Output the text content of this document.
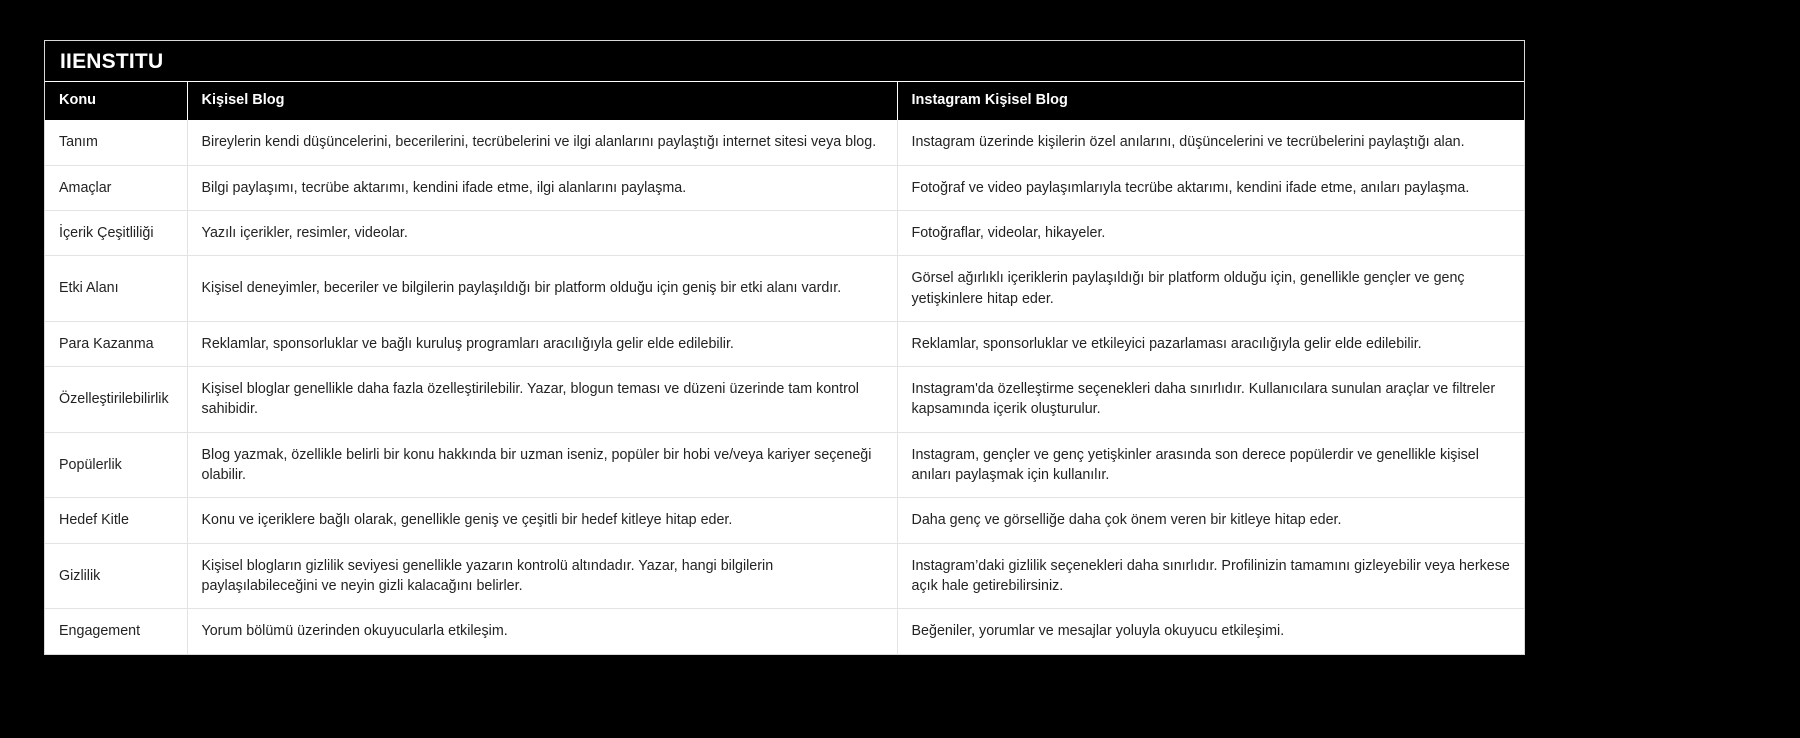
IIENSTITU
Konu	Kişisel Blog	Instagram Kişisel Blog
Tanım	Bireylerin kendi düşüncelerini, becerilerini, tecrübelerini ve ilgi alanlarını paylaştığı internet sitesi veya blog.	Instagram üzerinde kişilerin özel anılarını, düşüncelerini ve tecrübelerini paylaştığı alan.
Amaçlar	Bilgi paylaşımı, tecrübe aktarımı, kendini ifade etme, ilgi alanlarını paylaşma.	Fotoğraf ve video paylaşımlarıyla tecrübe aktarımı, kendini ifade etme, anıları paylaşma.
İçerik Çeşitliliği	Yazılı içerikler, resimler, videolar.	Fotoğraflar, videolar, hikayeler.
Etki Alanı	Kişisel deneyimler, beceriler ve bilgilerin paylaşıldığı bir platform olduğu için geniş bir etki alanı vardır.	Görsel ağırlıklı içeriklerin paylaşıldığı bir platform olduğu için, genellikle gençler ve genç yetişkinlere hitap eder.
Para Kazanma	Reklamlar, sponsorluklar ve bağlı kuruluş programları aracılığıyla gelir elde edilebilir.	Reklamlar, sponsorluklar ve etkileyici pazarlaması aracılığıyla gelir elde edilebilir.
Özelleştirilebilirlik	Kişisel bloglar genellikle daha fazla özelleştirilebilir. Yazar, blogun teması ve düzeni üzerinde tam kontrol sahibidir.	Instagram'da özelleştirme seçenekleri daha sınırlıdır. Kullanıcılara sunulan araçlar ve filtreler kapsamında içerik oluşturulur.
Popülerlik	Blog yazmak, özellikle belirli bir konu hakkında bir uzman iseniz, popüler bir hobi ve/veya kariyer seçeneği olabilir.	Instagram, gençler ve genç yetişkinler arasında son derece popülerdir ve genellikle kişisel anıları paylaşmak için kullanılır.
Hedef Kitle	Konu ve içeriklere bağlı olarak, genellikle geniş ve çeşitli bir hedef kitleye hitap eder.	Daha genç ve görselliğe daha çok önem veren bir kitleye hitap eder.
Gizlilik	Kişisel blogların gizlilik seviyesi genellikle yazarın kontrolü altındadır. Yazar, hangi bilgilerin paylaşılabileceğini ve neyin gizli kalacağını belirler.	Instagram’daki gizlilik seçenekleri daha sınırlıdır. Profilinizin tamamını gizleyebilir veya herkese açık hale getirebilirsiniz.
Engagement	Yorum bölümü üzerinden okuyucularla etkileşim.	Beğeniler, yorumlar ve mesajlar yoluyla okuyucu etkileşimi.
